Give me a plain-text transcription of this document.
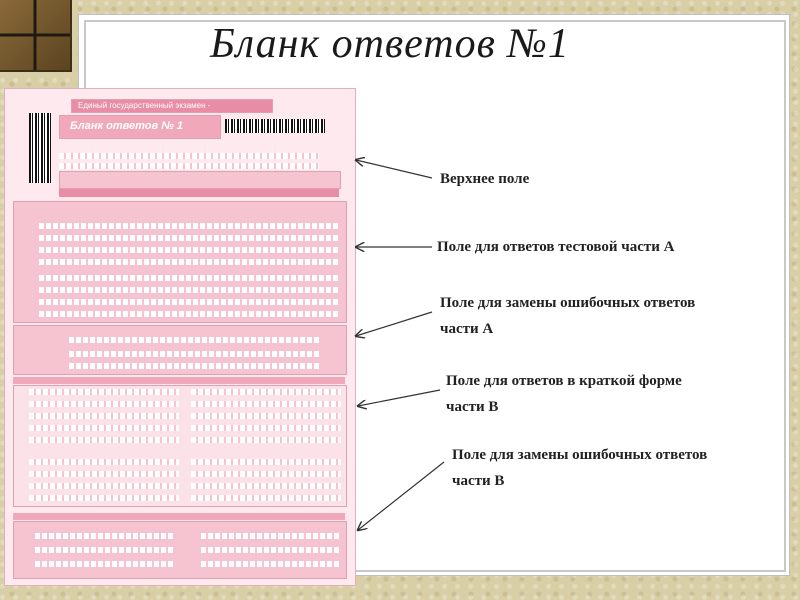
Бланк ответов №1
Единый государственный экзамен -
Бланк ответов № 1
Верхнее поле
Поле для ответов тестовой части А
Поле для замены ошибочных ответов части А
Поле для ответов в краткой форме части В
Поле для замены ошибочных ответов части В
